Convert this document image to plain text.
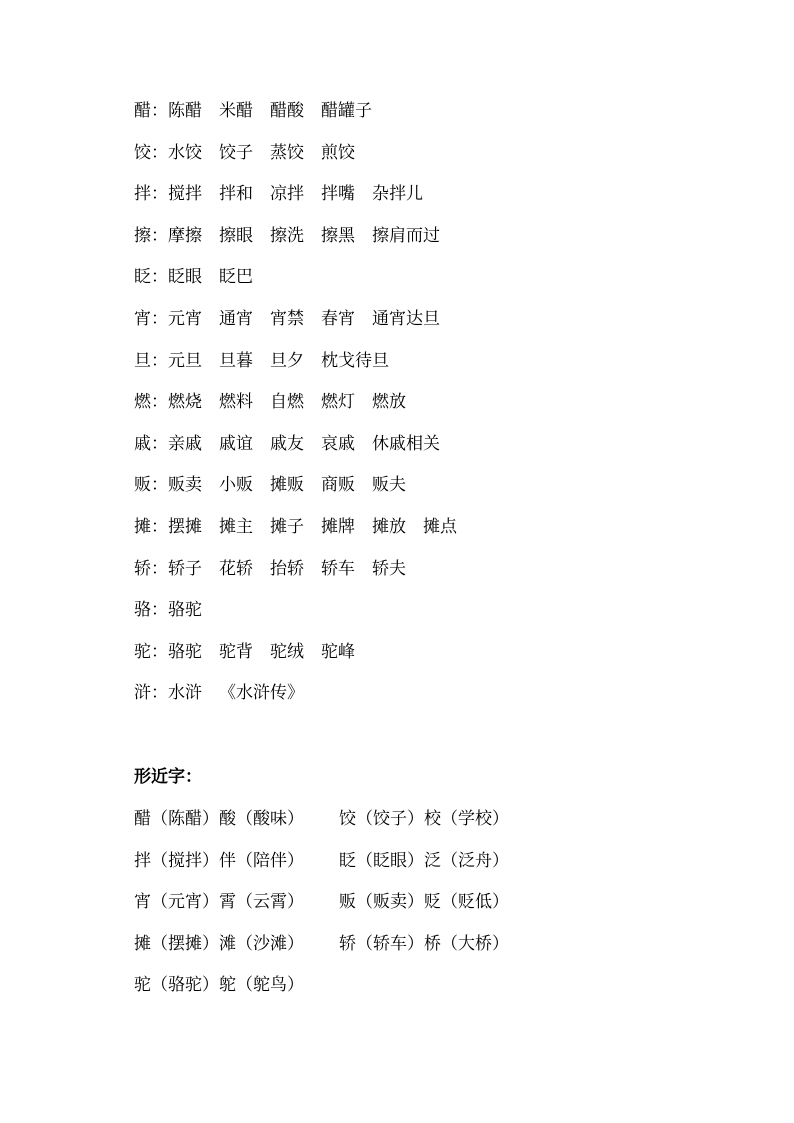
醋 ： 陈醋 米醋 醋酸 醋罐子
饺 ： 水饺 饺子 蒸饺 煎饺
拌 ： 搅拌 拌和 凉拌 拌嘴 杂拌儿
擦 ： 摩擦 擦眼 擦洗 擦黑 擦肩而过
眨 ： 眨眼 眨巴
宵 ： 元宵 通宵 宵禁 春宵 通宵达旦
旦 ： 元旦 旦暮 旦夕 枕戈待旦
燃 ： 燃烧 燃料 自燃 燃灯 燃放
戚 ： 亲戚 戚谊 戚友 哀戚 休戚相关
贩 ： 贩卖 小贩 摊贩 商贩 贩夫
摊 ： 摆摊 摊主 摊子 摊牌 摊放 摊点
轿 ： 轿子 花轿 抬轿 轿车 轿夫
骆 ： 骆驼
驼 ： 骆驼 驼背 驼绒 驼峰
浒 ： 水浒 《水浒传》
形近字：
醋（陈醋）酸（酸味）	饺（饺子）校（学校）
拌（搅拌）伴（陪伴）	眨（眨眼）泛（泛舟）
宵（元宵）霄（云霄）	贩（贩卖）贬（贬低）
摊（摆摊）滩（沙滩）	轿（轿车）桥（大桥）
驼（骆驼）鸵（鸵鸟）
